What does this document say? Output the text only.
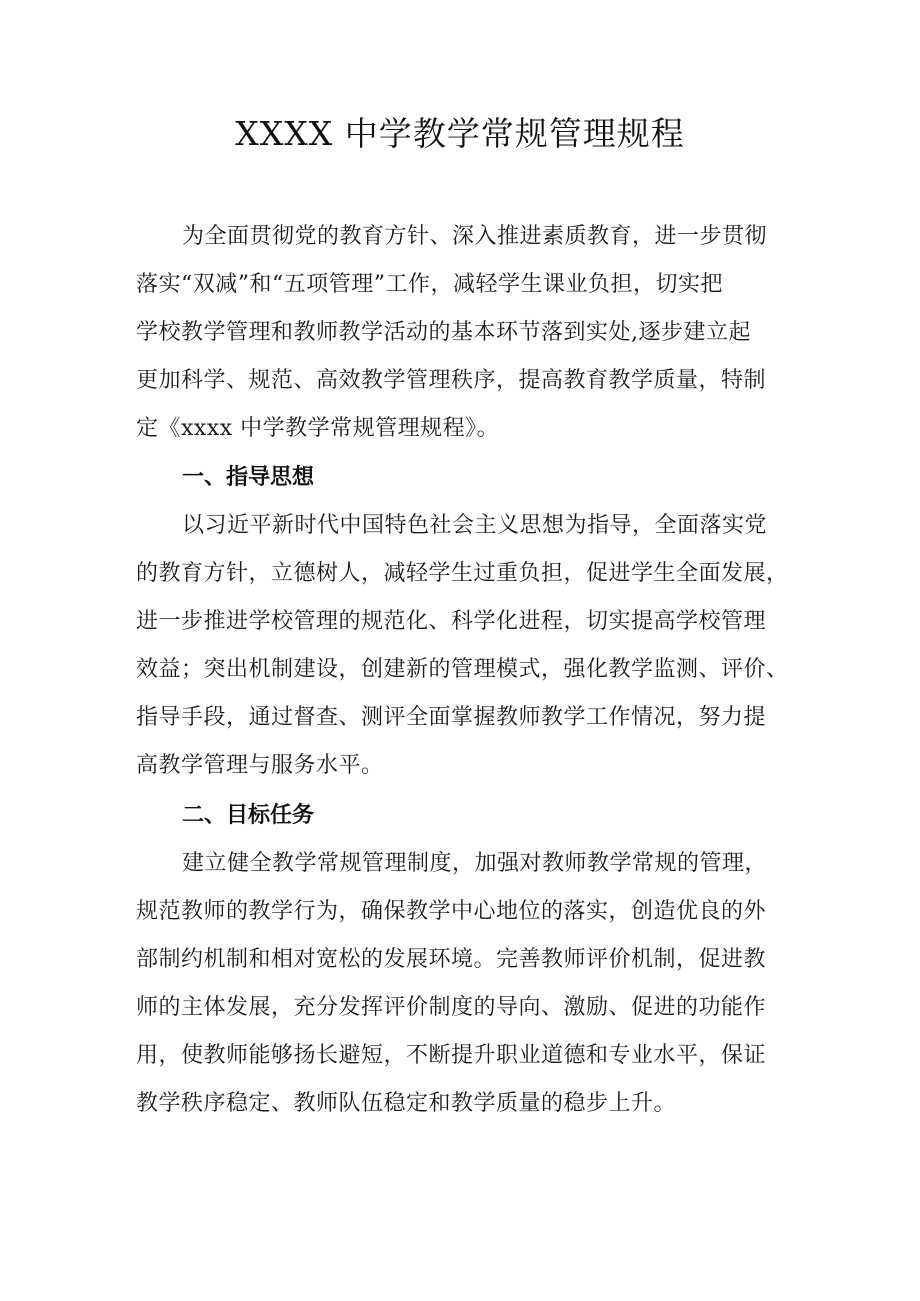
XXXX 中学教学常规管理规程
为全面贯彻党的教育方针、深入推进素质教育，进一步贯彻
落实“双减”和“五项管理”工作，减轻学生课业负担，切实把
学校教学管理和教师教学活动的基本环节落到实处,逐步建立起
更加科学、规范、高效教学管理秩序，提高教育教学质量，特制
定《xxxx 中学教学常规管理规程》。
一、指导思想
以习近平新时代中国特色社会主义思想为指导，全面落实党
的教育方针，立德树人，减轻学生过重负担，促进学生全面发展，
进一步推进学校管理的规范化、科学化进程，切实提高学校管理
效益；突出机制建设，创建新的管理模式，强化教学监测、评价、
指导手段，通过督查、测评全面掌握教师教学工作情况，努力提
高教学管理与服务水平。
二、目标任务
建立健全教学常规管理制度，加强对教师教学常规的管理，
规范教师的教学行为，确保教学中心地位的落实，创造优良的外
部制约机制和相对宽松的发展环境。完善教师评价机制，促进教
师的主体发展，充分发挥评价制度的导向、激励、促进的功能作
用，使教师能够扬长避短，不断提升职业道德和专业水平，保证
教学秩序稳定、教师队伍稳定和教学质量的稳步上升。
